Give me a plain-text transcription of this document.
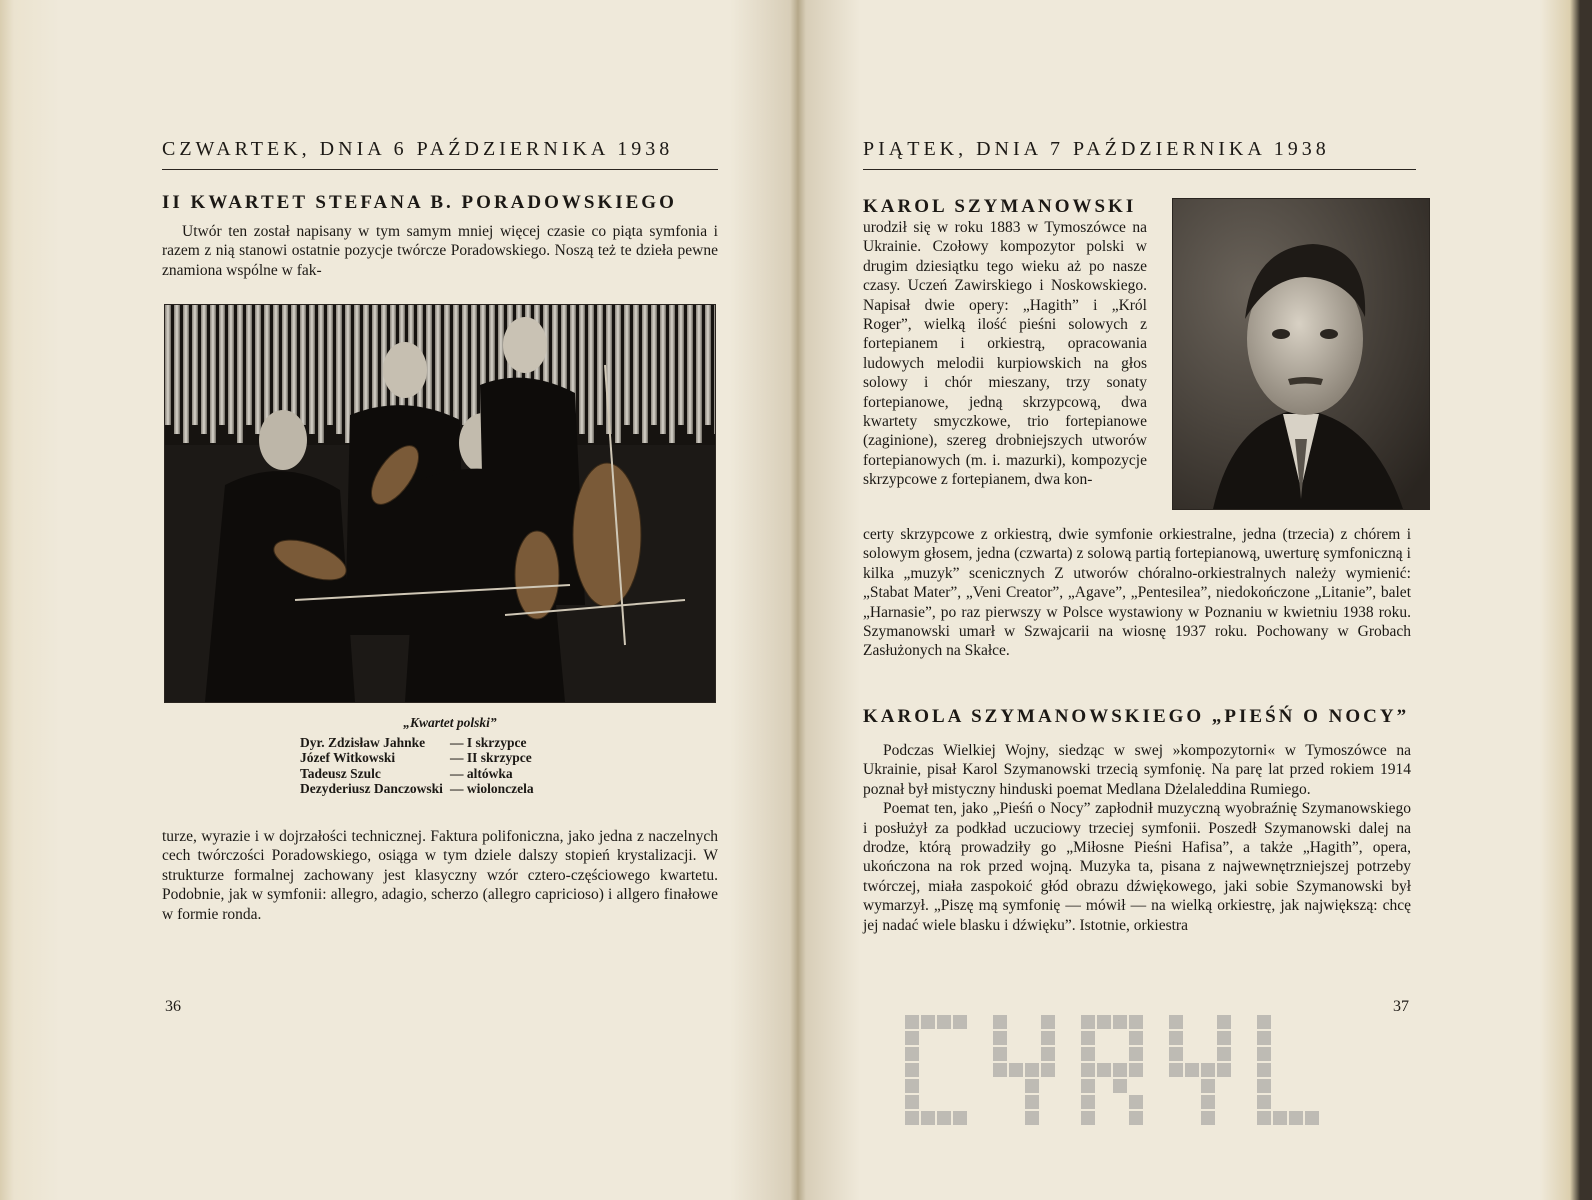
CZWARTEK, DNIA 6 PAŹDZIERNIKA 1938
II KWARTET STEFANA B. PORADOWSKIEGO

Utwór ten został napisany w tym samym mniej więcej czasie co piąta symfonia i razem z nią stanowi ostatnie pozycje twórcze Poradowskiego. Noszą też te dzieła pewne znamiona wspólne w fak-

„Kwartet polski”
Dyr. Zdzisław Jahnke	— I skrzypce
Józef Witkowski	— II skrzypce
Tadeusz Szulc	— altówka
Dezyderiusz Danczowski — wiolonczela

turze, wyrazie i w dojrzałości technicznej. Faktura polifoniczna, jako jedna z naczelnych cech twórczości Poradowskiego, osiąga w tym dziele dalszy stopień krystalizacji. W strukturze formalnej zachowany jest klasyczny wzór cztero-częściowego kwartetu. Podobnie, jak w symfonii: allegro, adagio, scherzo (allegro capricioso) i allgero finałowe w formie ronda.

36
PIĄTEK, DNIA 7 PAŹDZIERNIKA 1938
KAROL SZYMANOWSKI

urodził się w roku 1883 w Tymoszówce na Ukrainie. Czołowy kompozytor polski w drugim dziesiątku tego wieku aż po nasze czasy. Uczeń Zawirskiego i Noskowskiego. Napisał dwie opery: „Hagith” i „Król Roger”, wielką ilość pieśni solowych z fortepianem i orkiestrą, opracowania ludowych melodii kurpiowskich na głos solowy i chór mieszany, trzy sonaty fortepianowe, jedną skrzypcową, dwa kwartety smyczkowe, trio fortepianowe (zaginione), szereg drobniejszych utworów fortepianowych (m. i. mazurki), kompozycje skrzypcowe z fortepianem, dwa kon-

certy skrzypcowe z orkiestrą, dwie symfonie orkiestralne, jedna (trzecia) z chórem i solowym głosem, jedna (czwarta) z solową partią fortepianową, uwerturę symfoniczną i kilka „muzyk” scenicznych Z utworów chóralno-orkiestralnych należy wymienić: „Stabat Mater”, „Veni Creator”, „Agave”, „Pentesilea”, niedokończone „Litanie”, balet „Harnasie”, po raz pierwszy w Polsce wystawiony w Poznaniu w kwietniu 1938 roku. Szymanowski umarł w Szwajcarii na wiosnę 1937 roku. Pochowany w Grobach Zasłużonych na Skałce.

KAROLA SZYMANOWSKIEGO „PIEŚŃ O NOCY”

Podczas Wielkiej Wojny, siedząc w swej »kompozytorni« w Tymoszówce na Ukrainie, pisał Karol Szymanowski trzecią symfonię. Na parę lat przed rokiem 1914 poznał był mistyczny hinduski poemat Medlana Dżelaleddina Rumiego.

Poemat ten, jako „Pieśń o Nocy” zapłodnił muzyczną wyobraźnię Szymanowskiego i posłużył za podkład uczuciowy trzeciej symfonii. Poszedł Szymanowski dalej na drodze, którą prowadziły go „Miłosne Pieśni Hafisa”, a także „Hagith”, opera, ukończona na rok przed wojną. Muzyka ta, pisana z najwewnętrzniejszej potrzeby twórczej, miała zaspokoić głód obrazu dźwiękowego, jaki sobie Szymanowski był wymarzył. „Piszę mą symfonię — mówił — na wielką orkiestrę, jak największą: chcę jej nadać wiele blasku i dźwięku”. Istotnie, orkiestra

37
